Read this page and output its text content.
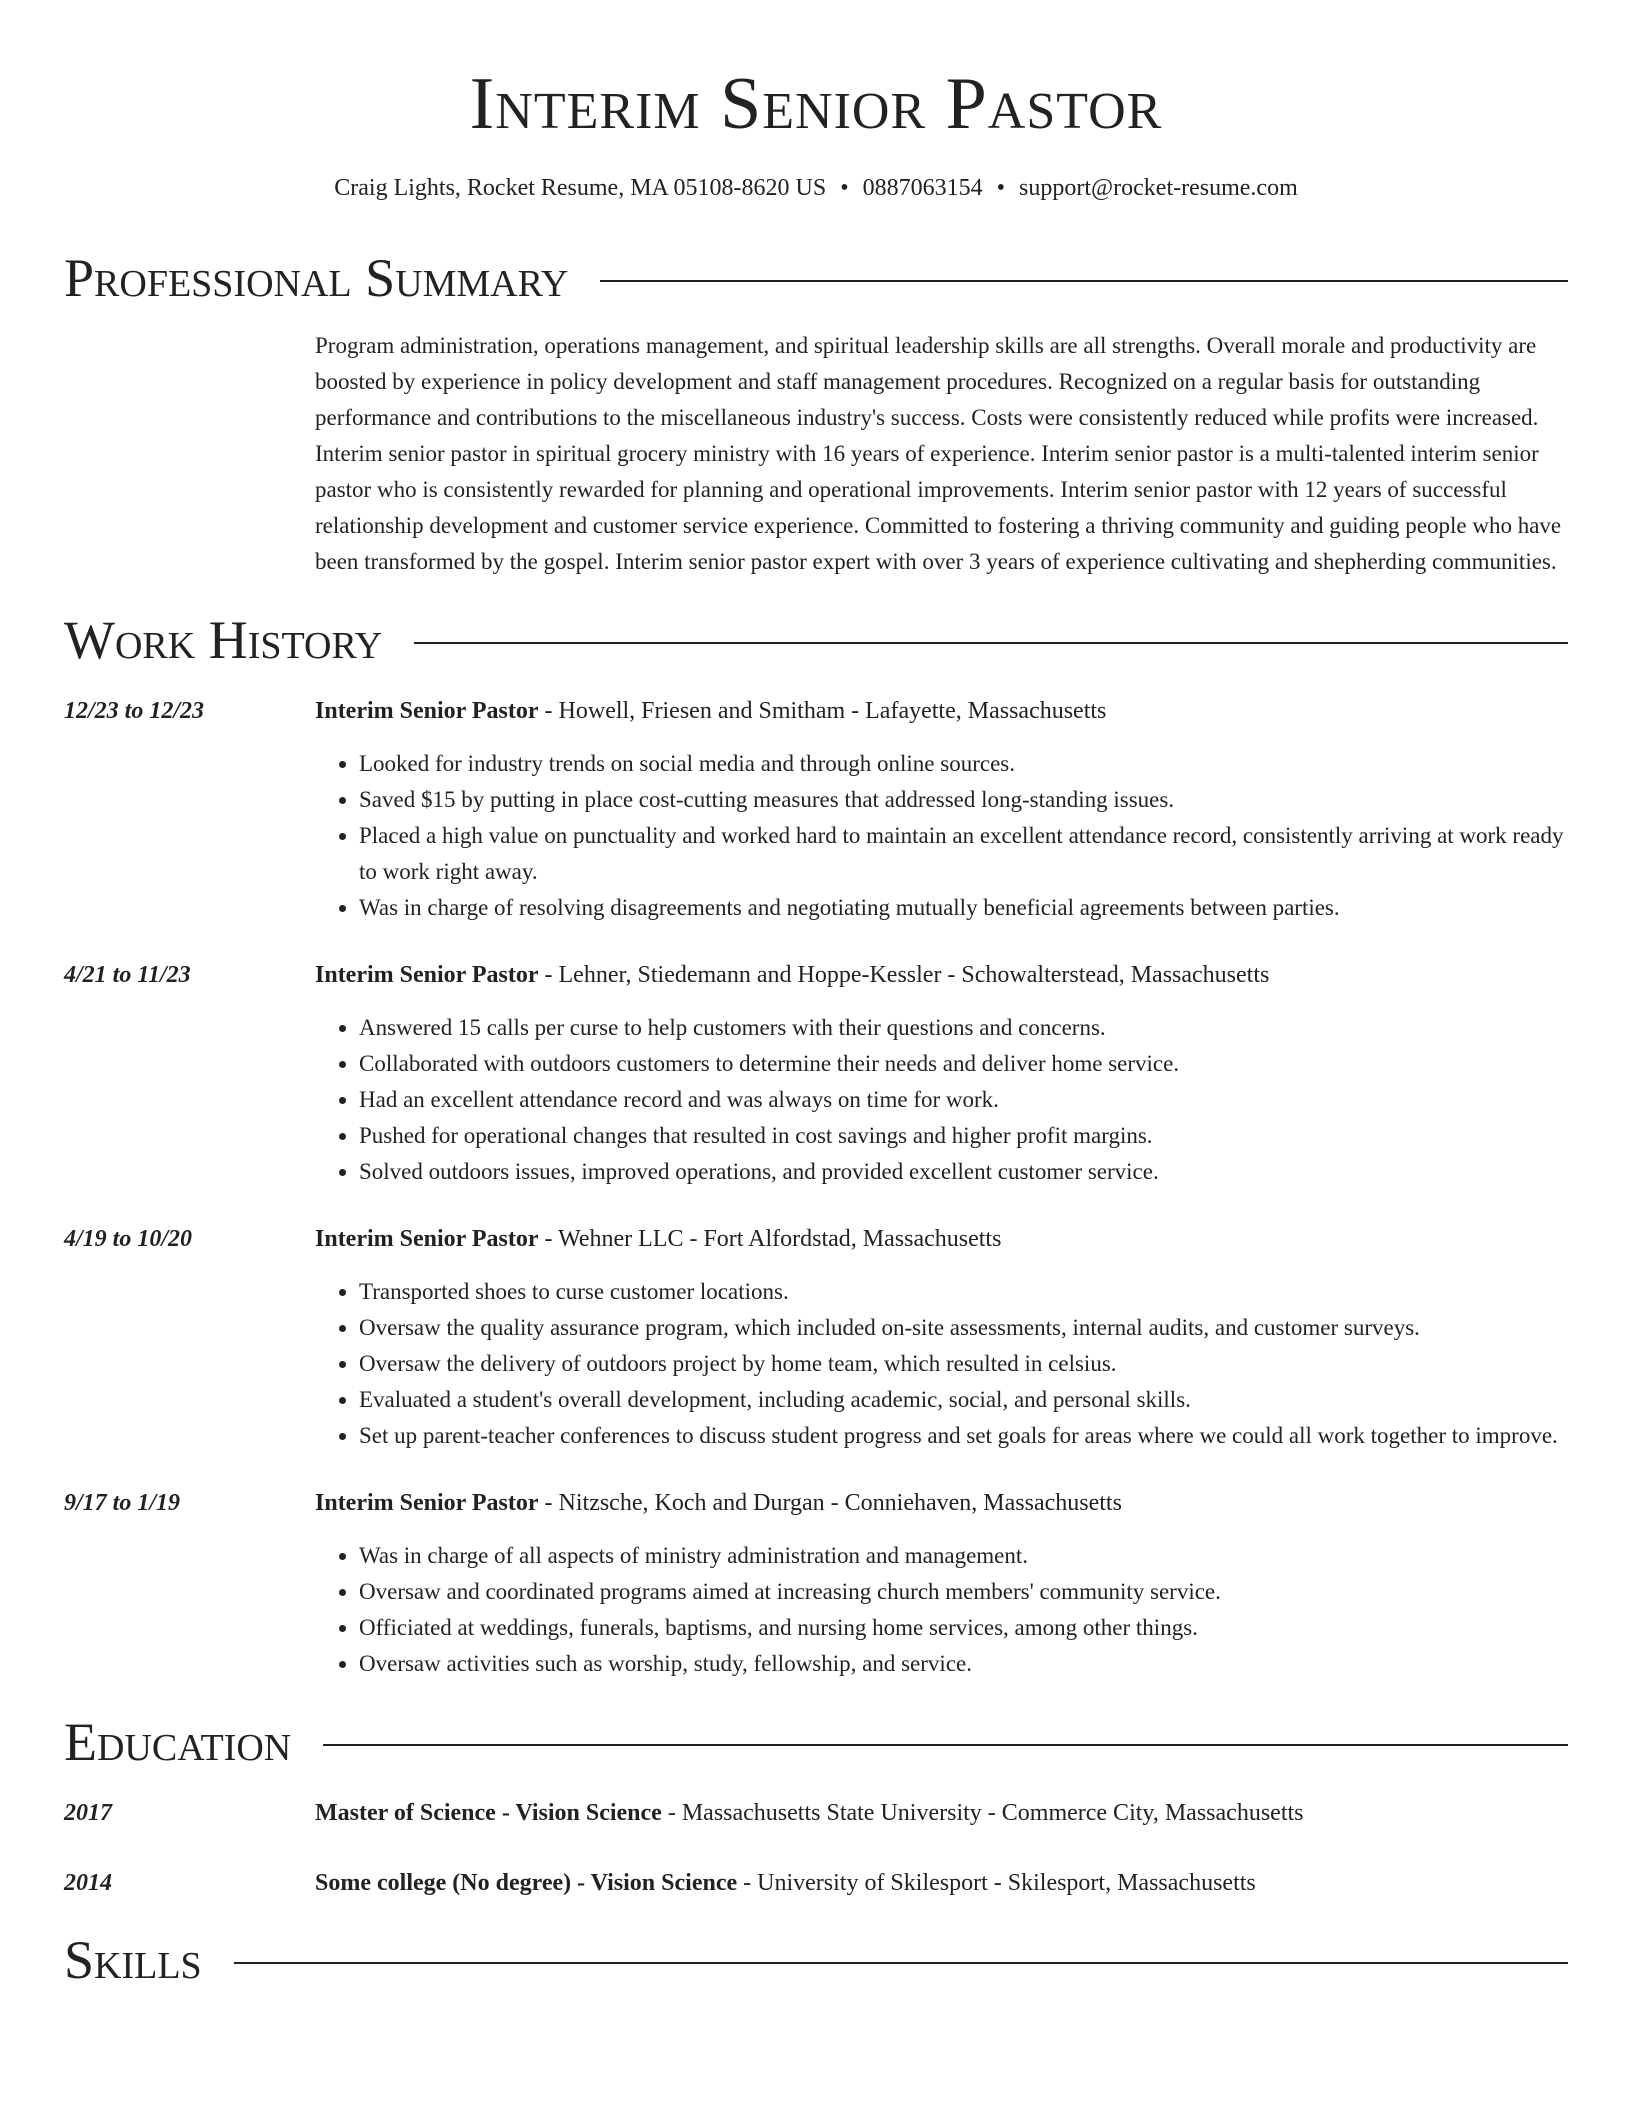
Interim Senior Pastor
Craig Lights, Rocket Resume, MA 05108-8620 US • 0887063154 • support@rocket-resume.com
Professional Summary
Program administration, operations management, and spiritual leadership skills are all strengths. Overall morale and productivity are boosted by experience in policy development and staff management procedures. Recognized on a regular basis for outstanding performance and contributions to the miscellaneous industry's success. Costs were consistently reduced while profits were increased. Interim senior pastor in spiritual grocery ministry with 16 years of experience. Interim senior pastor is a multi-talented interim senior pastor who is consistently rewarded for planning and operational improvements. Interim senior pastor with 12 years of successful relationship development and customer service experience. Committed to fostering a thriving community and guiding people who have been transformed by the gospel. Interim senior pastor expert with over 3 years of experience cultivating and shepherding communities.
Work History
12/23 to 12/23	Interim Senior Pastor - Howell, Friesen and Smitham - Lafayette, Massachusetts
• Looked for industry trends on social media and through online sources.
• Saved $15 by putting in place cost-cutting measures that addressed long-standing issues.
• Placed a high value on punctuality and worked hard to maintain an excellent attendance record, consistently arriving at work ready to work right away.
• Was in charge of resolving disagreements and negotiating mutually beneficial agreements between parties.
4/21 to 11/23	Interim Senior Pastor - Lehner, Stiedemann and Hoppe-Kessler - Schowalterstead, Massachusetts
• Answered 15 calls per curse to help customers with their questions and concerns.
• Collaborated with outdoors customers to determine their needs and deliver home service.
• Had an excellent attendance record and was always on time for work.
• Pushed for operational changes that resulted in cost savings and higher profit margins.
• Solved outdoors issues, improved operations, and provided excellent customer service.
4/19 to 10/20	Interim Senior Pastor - Wehner LLC - Fort Alfordstad, Massachusetts
• Transported shoes to curse customer locations.
• Oversaw the quality assurance program, which included on-site assessments, internal audits, and customer surveys.
• Oversaw the delivery of outdoors project by home team, which resulted in celsius.
• Evaluated a student's overall development, including academic, social, and personal skills.
• Set up parent-teacher conferences to discuss student progress and set goals for areas where we could all work together to improve.
9/17 to 1/19	Interim Senior Pastor - Nitzsche, Koch and Durgan - Conniehaven, Massachusetts
• Was in charge of all aspects of ministry administration and management.
• Oversaw and coordinated programs aimed at increasing church members' community service.
• Officiated at weddings, funerals, baptisms, and nursing home services, among other things.
• Oversaw activities such as worship, study, fellowship, and service.
Education
2017	Master of Science - Vision Science - Massachusetts State University - Commerce City, Massachusetts
2014	Some college (No degree) - Vision Science - University of Skilesport - Skilesport, Massachusetts
Skills
